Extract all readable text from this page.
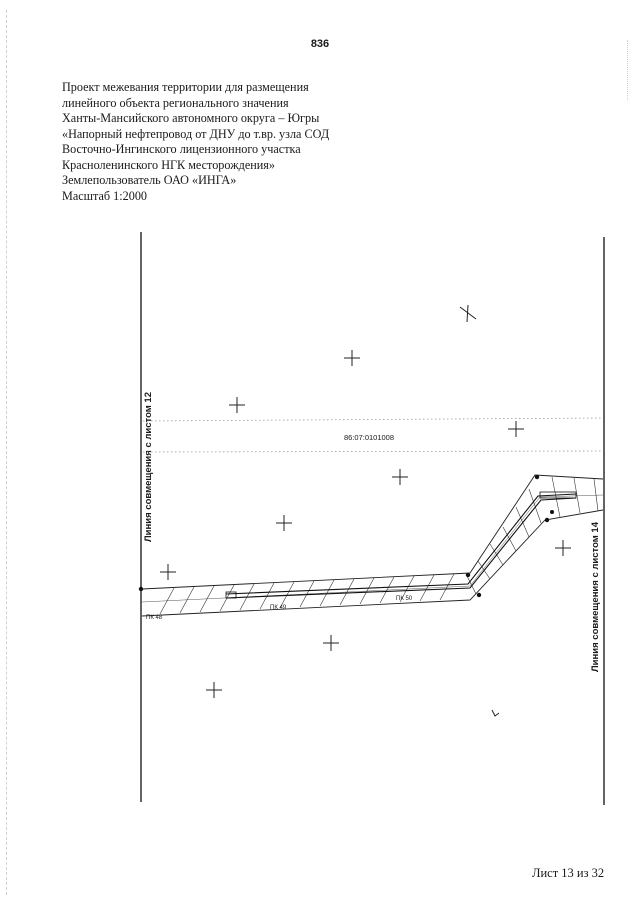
836
Проект межевания территории для размещения
линейного объекта регионального значения
Ханты-Мансийского автономного округа – Югры
«Напорный нефтепровод от ДНУ до т.вр. узла СОД
Восточно-Ингинского лицензионного участка
Красноленинского НГК месторождения»
Землепользователь ОАО «ИНГА»
Масштаб 1:2000
Линия совмещения с листом 12
Линия совмещения с листом 14
86:07:0101008
ПК 48
ПК 49
ПК 50
Лист 13 из 32
